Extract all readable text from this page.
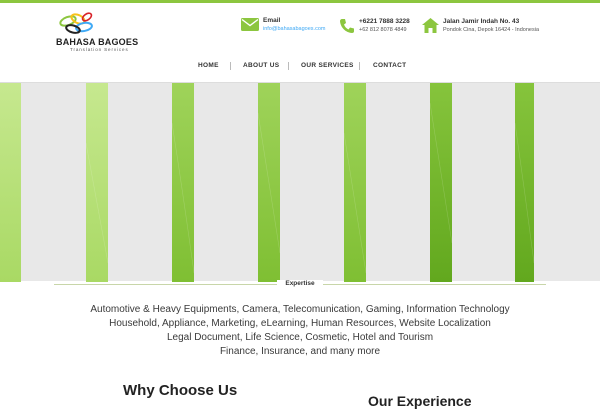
BAHASA BAGOES
Translation Services
Email
info@bahasabagoes.com
+6221 7888 3228
+62 812 8078 4849
Jalan Jamir Indah No. 43
Pondok Cina, Depok 16424 - Indonesia
HOME	ABOUT US	OUR SERVICES	CONTACT
Expertise

Automotive & Heavy Equipments, Camera, Telecomunication, Gaming, Information Technology

Household, Appliance, Marketing, eLearning, Human Resources, Website Localization

Legal Document, Life Science, Cosmetic, Hotel and Tourism

Finance, Insurance, and many more

Why Choose Us
Our Experience
